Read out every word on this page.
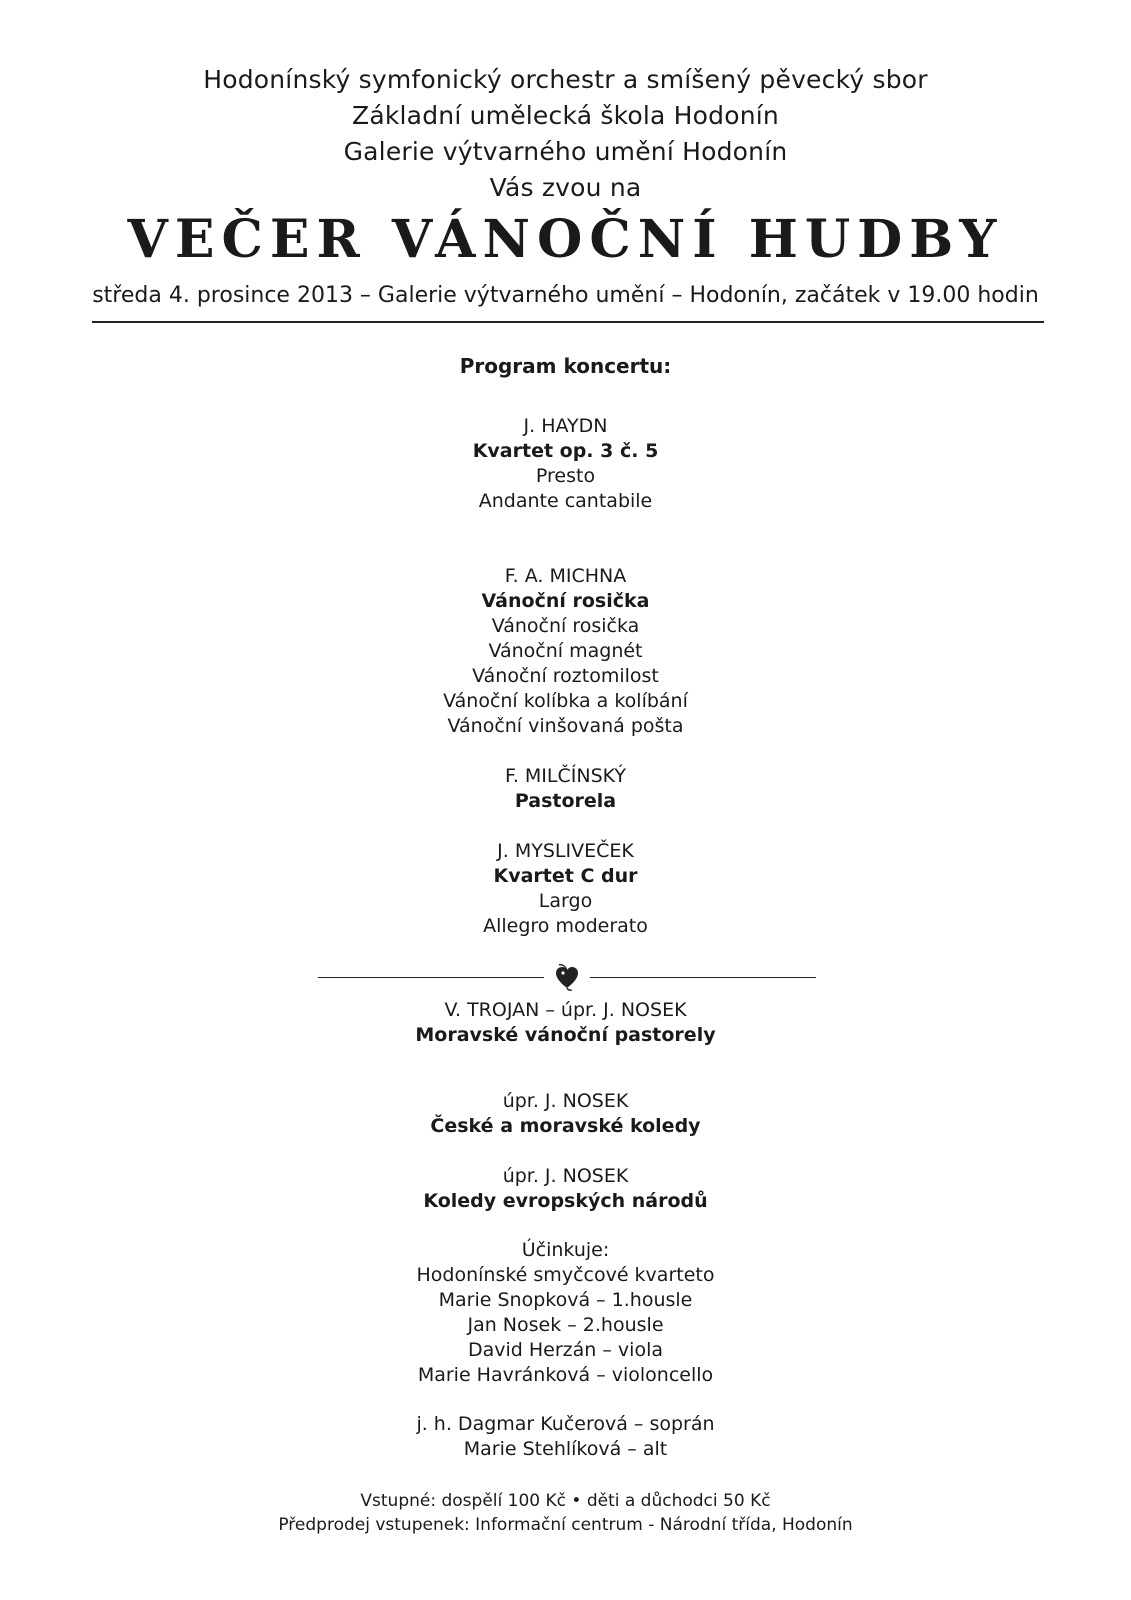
Hodonínský symfonický orchestr a smíšený pěvecký sbor
Základní umělecká škola Hodonín
Galerie výtvarného umění Hodonín
Vás zvou na
VEČER VÁNOČNÍ HUDBY
středa 4. prosince 2013 – Galerie výtvarného umění – Hodonín, začátek v 19.00 hodin
Program koncertu:
J. HAYDN
Kvartet op. 3 č. 5
Presto
Andante cantabile
F. A. MICHNA
Vánoční rosička
Vánoční rosička
Vánoční magnét
Vánoční roztomilost
Vánoční kolíbka a kolíbání
Vánoční vinšovaná pošta
F. MILČÍNSKÝ
Pastorela
J. MYSLIVEČEK
Kvartet C dur
Largo
Allegro moderato
V. TROJAN – úpr. J. NOSEK
Moravské vánoční pastorely
úpr. J. NOSEK
České a moravské koledy
úpr. J. NOSEK
Koledy evropských národů
Účinkuje:
Hodonínské smyčcové kvarteto
Marie Snopková – 1.housle
Jan Nosek – 2.housle
David Herzán – viola
Marie Havránková – violoncello
j. h. Dagmar Kučerová – soprán
Marie Stehlíková – alt
Vstupné: dospělí 100 Kč • děti a důchodci 50 Kč
Předprodej vstupenek: Informační centrum - Národní třída, Hodonín
